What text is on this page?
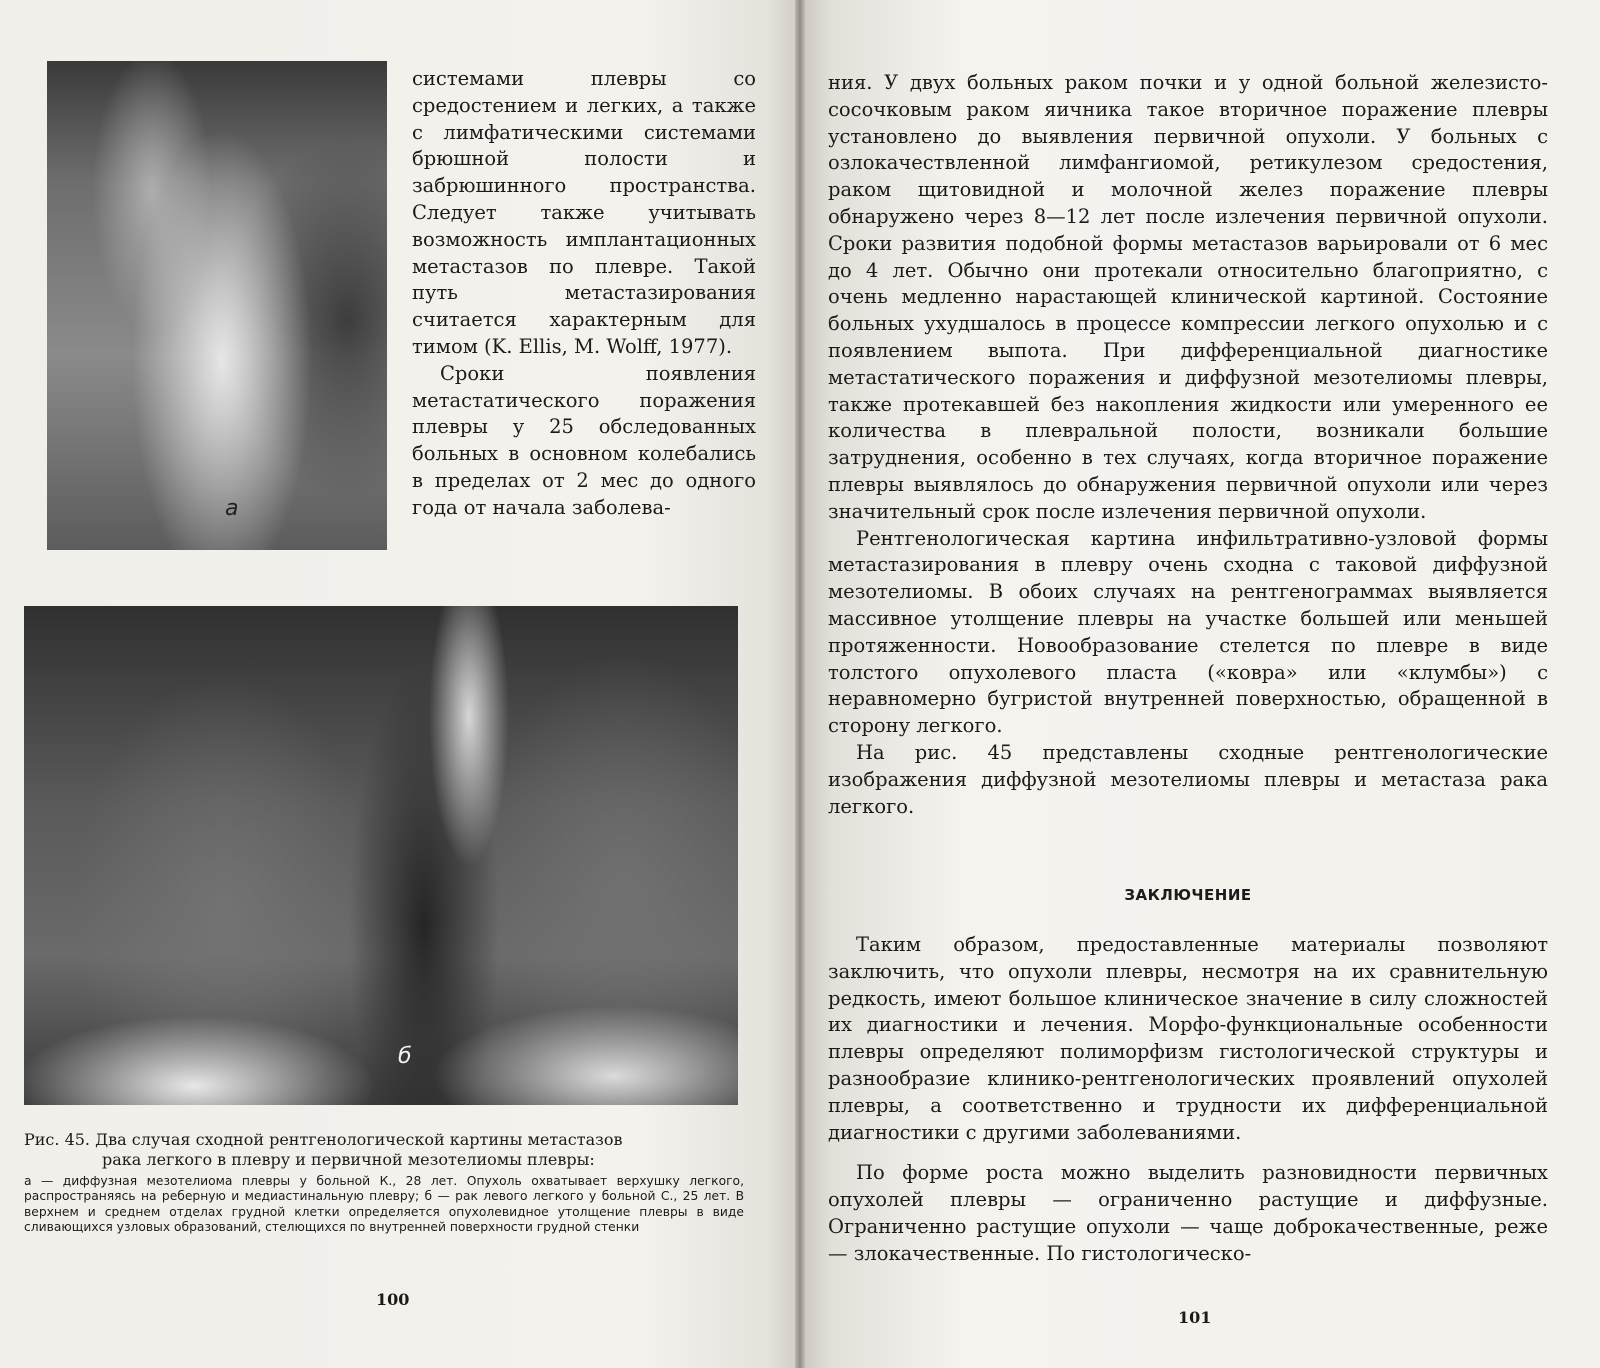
а

системами плевры со средостением и легких, а также с лимфатическими системами брюшной полости и забрюшинного пространства. Следует также учитывать возможность имплантационных метастазов по плевре. Такой путь метастазирования считается характерным для тимом (K. Ellis, M. Wolff, 1977).

Сроки появления метастатического поражения плевры у 25 обследованных больных в основном колебались в пределах от 2 мес до одного года от начала заболева-

б

Рис. 45. Два случая сходной рентгенологической картины метастазов
рака легкого в плевру и первичной мезотелиомы плевры:

а — диффузная мезотелиома плевры у больной К., 28 лет. Опухоль охватывает верхушку легкого, распространяясь на реберную и медиастинальную плевру; б — рак левого легкого у больной С., 25 лет. В верхнем и среднем отделах грудной клетки определяется опухолевидное утолщение плевры в виде сливающихся узловых образований, стелющихся по внутренней поверхности грудной стенки

100

ния. У двух больных раком почки и у одной больной железисто-сосочковым раком яичника такое вторичное поражение плевры установлено до выявления первичной опухоли. У больных с озлокачествленной лимфангиомой, ретикулезом средостения, раком щитовидной и молочной желез поражение плевры обнаружено через 8—12 лет после излечения первичной опухоли. Сроки развития подобной формы метастазов варьировали от 6 мес до 4 лет. Обычно они протекали относительно благоприятно, с очень медленно нарастающей клинической картиной. Состояние больных ухудшалось в процессе компрессии легкого опухолью и с появлением выпота. При дифференциальной диагностике метастатического поражения и диффузной мезотелиомы плевры, также протекавшей без накопления жидкости или умеренного ее количества в плевральной полости, возникали большие затруднения, особенно в тех случаях, когда вторичное поражение плевры выявлялось до обнаружения первичной опухоли или через значительный срок после излечения первичной опухоли.

Рентгенологическая картина инфильтративно-узловой формы метастазирования в плевру очень сходна с таковой диффузной мезотелиомы. В обоих случаях на рентгенограммах выявляется массивное утолщение плевры на участке большей или меньшей протяженности. Новообразование стелется по плевре в виде толстого опухолевого пласта («ковра» или «клумбы») с неравномерно бугристой внутренней поверхностью, обращенной в сторону легкого.

На рис. 45 представлены сходные рентгенологические изображения диффузной мезотелиомы плевры и метастаза рака легкого.

ЗАКЛЮЧЕНИЕ

Таким образом, предоставленные материалы позволяют заключить, что опухоли плевры, несмотря на их сравнительную редкость, имеют большое клиническое значение в силу сложностей их диагностики и лечения. Морфо-функциональные особенности плевры определяют полиморфизм гистологической структуры и разнообразие клинико-рентгенологических проявлений опухолей плевры, а соответственно и трудности их дифференциальной диагностики с другими заболеваниями.

По форме роста можно выделить разновидности первичных опухолей плевры — ограниченно растущие и диффузные. Ограниченно растущие опухоли — чаще доброкачественные, реже — злокачественные. По гистологическо-

101
